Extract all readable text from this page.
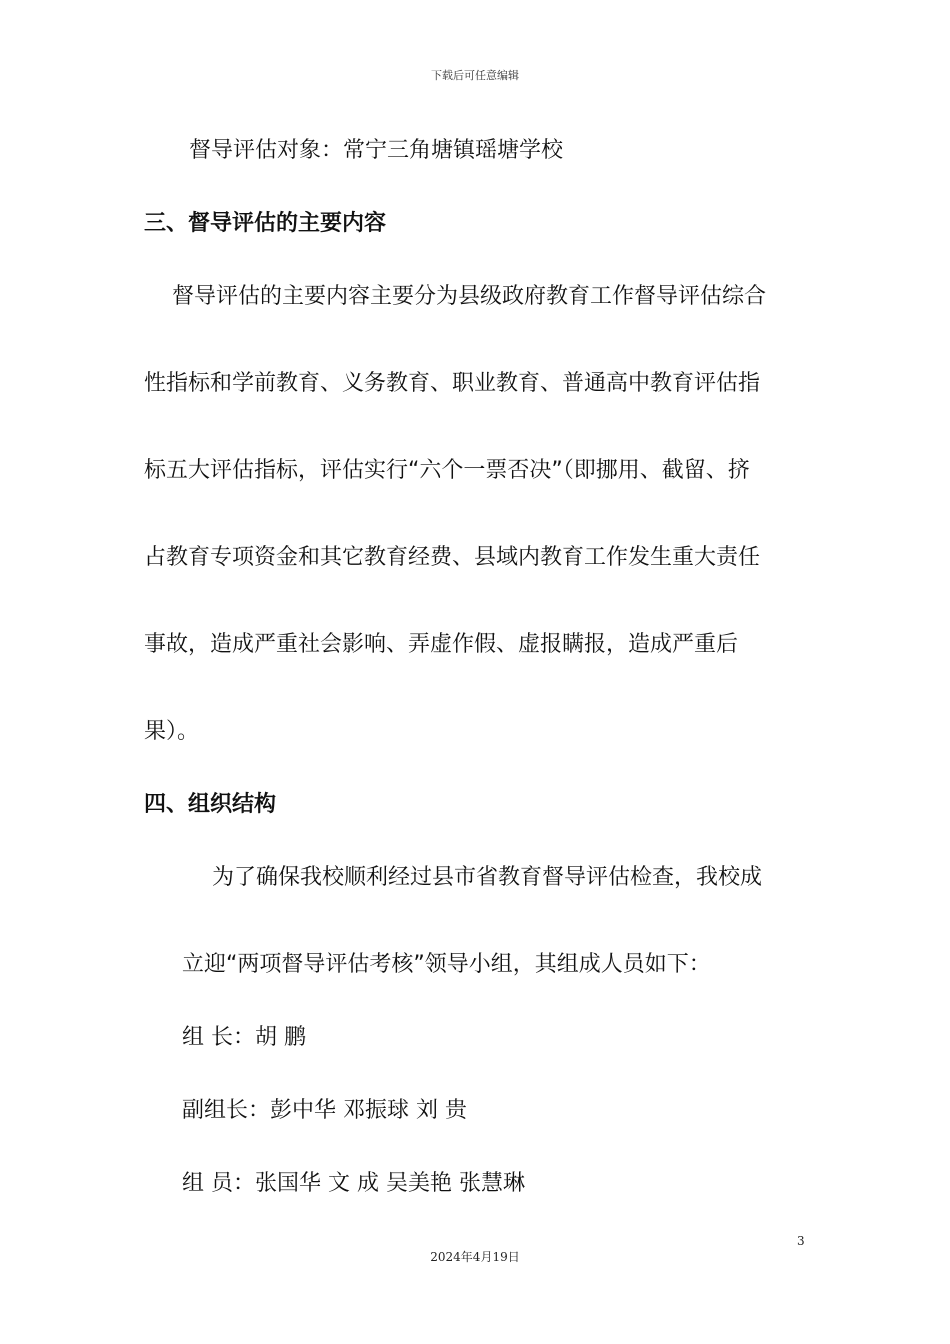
下载后可任意编辑
督导评估对象：常宁三角塘镇瑶塘学校
三、督导评估的主要内容
督导评估的主要内容主要分为县级政府教育工作督导评估综合
性指标和学前教育、义务教育、职业教育、普通高中教育评估指
标五大评估指标，评估实行“六个一票否决”（即挪用、截留、挤
占教育专项资金和其它教育经费、县域内教育工作发生重大责任
事故，造成严重社会影响、弄虚作假、虚报瞒报，造成严重后
果）。
四、组织结构
为了确保我校顺利经过县市省教育督导评估检查，我校成
立迎“两项督导评估考核”领导小组，其组成人员如下：
组 长：胡 鹏
副组长：彭中华 邓振球 刘 贵
组 员：张国华 文 成 吴美艳 张慧琳
3
2024年4月19日
